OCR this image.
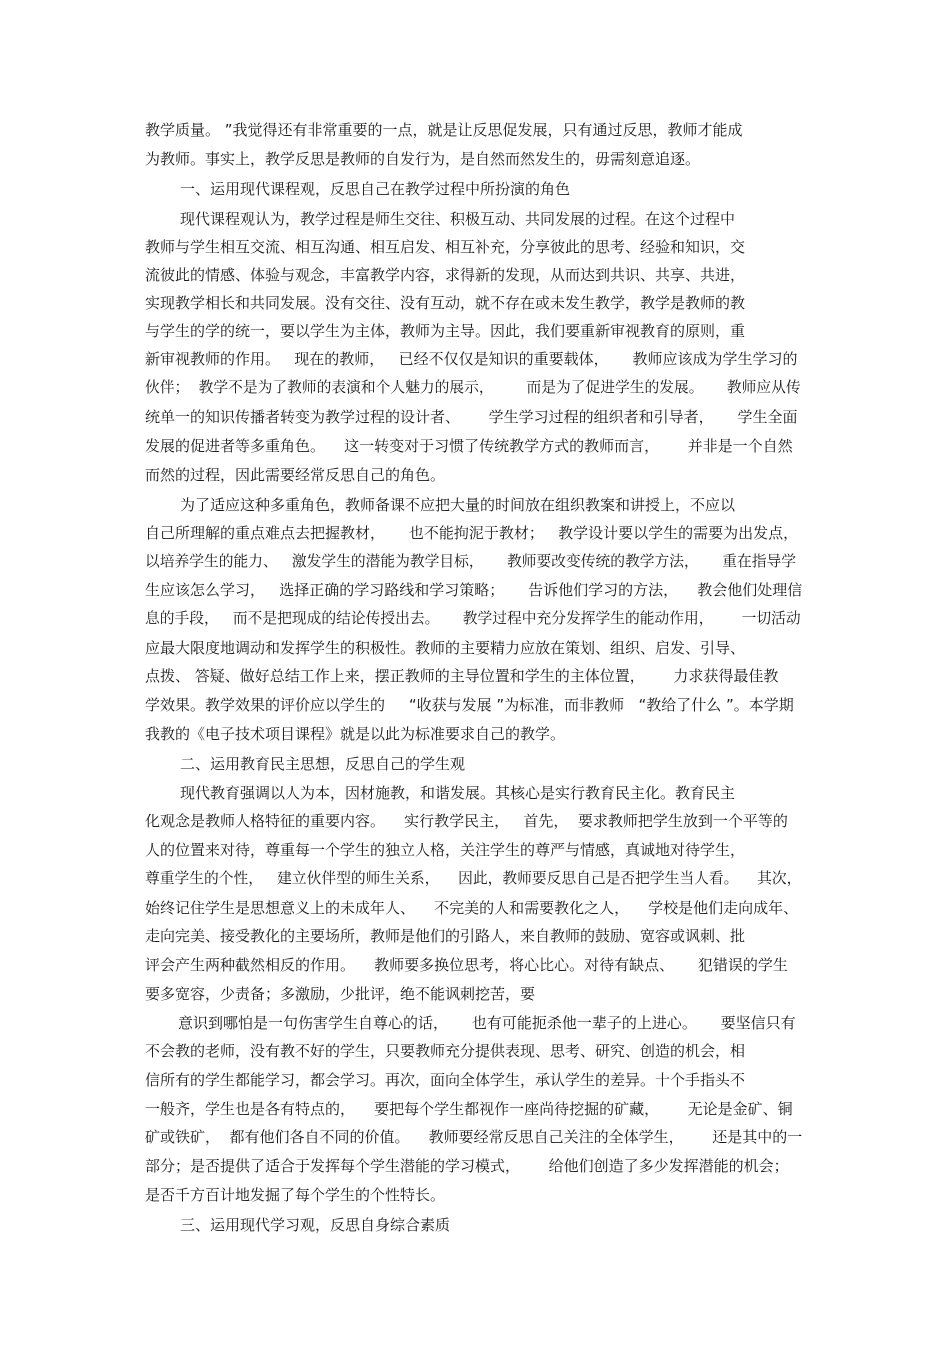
教学质量。 ”我觉得还有非常重要的一点，就是让反思促发展，只有通过反思，教师才能成
为教师。事实上，教学反思是教师的自发行为，是自然而然发生的，毋需刻意追逐。
一、运用现代课程观，反思自己在教学过程中所扮演的角色
现代课程观认为，教学过程是师生交往、积极互动、共同发展的过程。在这个过程中
教师与学生相互交流、相互沟通、相互启发、相互补充，分享彼此的思考、经验和知识，交
流彼此的情感、体验与观念，丰富教学内容，求得新的发现，从而达到共识、共享、共进，
实现教学相长和共同发展。没有交往、没有互动，就不存在或未发生教学，教学是教师的教
与学生的学的统一，要以学生为主体，教师为主导。因此，我们要重新审视教育的原则，重
新审视教师的作用。   现在的教师，   已经不仅仅是知识的重要载体，     教师应该成为学生学习的
伙伴；  教学不是为了教师的表演和个人魅力的展示，       而是为了促进学生的发展。     教师应从传
统单一的知识传播者转变为教学过程的设计者、      学生学习过程的组织者和引导者，     学生全面
发展的促进者等多重角色。    这一转变对于习惯了传统教学方式的教师而言，      并非是一个自然
而然的过程，因此需要经常反思自己的角色。
为了适应这种多重角色，教师备课不应把大量的时间放在组织教案和讲授上，不应以
自己所理解的重点难点去把握教材，     也不能拘泥于教材；   教学设计要以学生的需要为出发点，
以培养学生的能力、   激发学生的潜能为教学目标，     教师要改变传统的教学方法，     重在指导学
生应该怎么学习，   选择正确的学习路线和学习策略；     告诉他们学习的方法，    教会他们处理信
息的手段，   而不是把现成的结论传授出去。     教学过程中充分发挥学生的能动作用，      一切活动
应最大限度地调动和发挥学生的积极性。教师的主要精力应放在策划、组织、启发、引导、
点拨、 答疑、做好总结工作上来，摆正教师的主导位置和学生的主体位置，      力求获得最佳教
学效果。教学效果的评价应以学生的     “收获与发展 ”为标准，而非教师   “教给了什么 ”。本学期
我教的《电子技术项目课程》就是以此为标准要求自己的教学。
二、运用教育民主思想，反思自己的学生观
现代教育强调以人为本，因材施教，和谐发展。其核心是实行教育民主化。教育民主
化观念是教师人格特征的重要内容。    实行教学民主，   首先，  要求教师把学生放到一个平等的
人的位置来对待，尊重每一个学生的独立人格，关注学生的尊严与情感，真诚地对待学生，
尊重学生的个性，   建立伙伴型的师生关系，    因此，教师要反思自己是否把学生当人看。    其次，
始终记住学生是思想意义上的未成年人、    不完美的人和需要教化之人，    学校是他们走向成年、
走向完美、接受教化的主要场所，教师是他们的引路人，来自教师的鼓励、宽容或讽刺、批
评会产生两种截然相反的作用。    教师要多换位思考，将心比心。对待有缺点、     犯错误的学生
要多宽容，少责备；多激励，少批评，绝不能讽刺挖苦，要
意识到哪怕是一句伤害学生自尊心的话，     也有可能扼杀他一辈子的上进心。     要坚信只有
不会教的老师，没有教不好的学生，只要教师充分提供表现、思考、研究、创造的机会，相
信所有的学生都能学习，都会学习。再次，面向全体学生，承认学生的差异。十个手指头不
一般齐，学生也是各有特点的，    要把每个学生都视作一座尚待挖掘的矿藏，      无论是金矿、铜
矿或铁矿，  都有他们各自不同的价值。    教师要经常反思自己关注的全体学生，      还是其中的一
部分；是否提供了适合于发挥每个学生潜能的学习模式，      给他们创造了多少发挥潜能的机会；
是否千方百计地发掘了每个学生的个性特长。
三、运用现代学习观，反思自身综合素质
